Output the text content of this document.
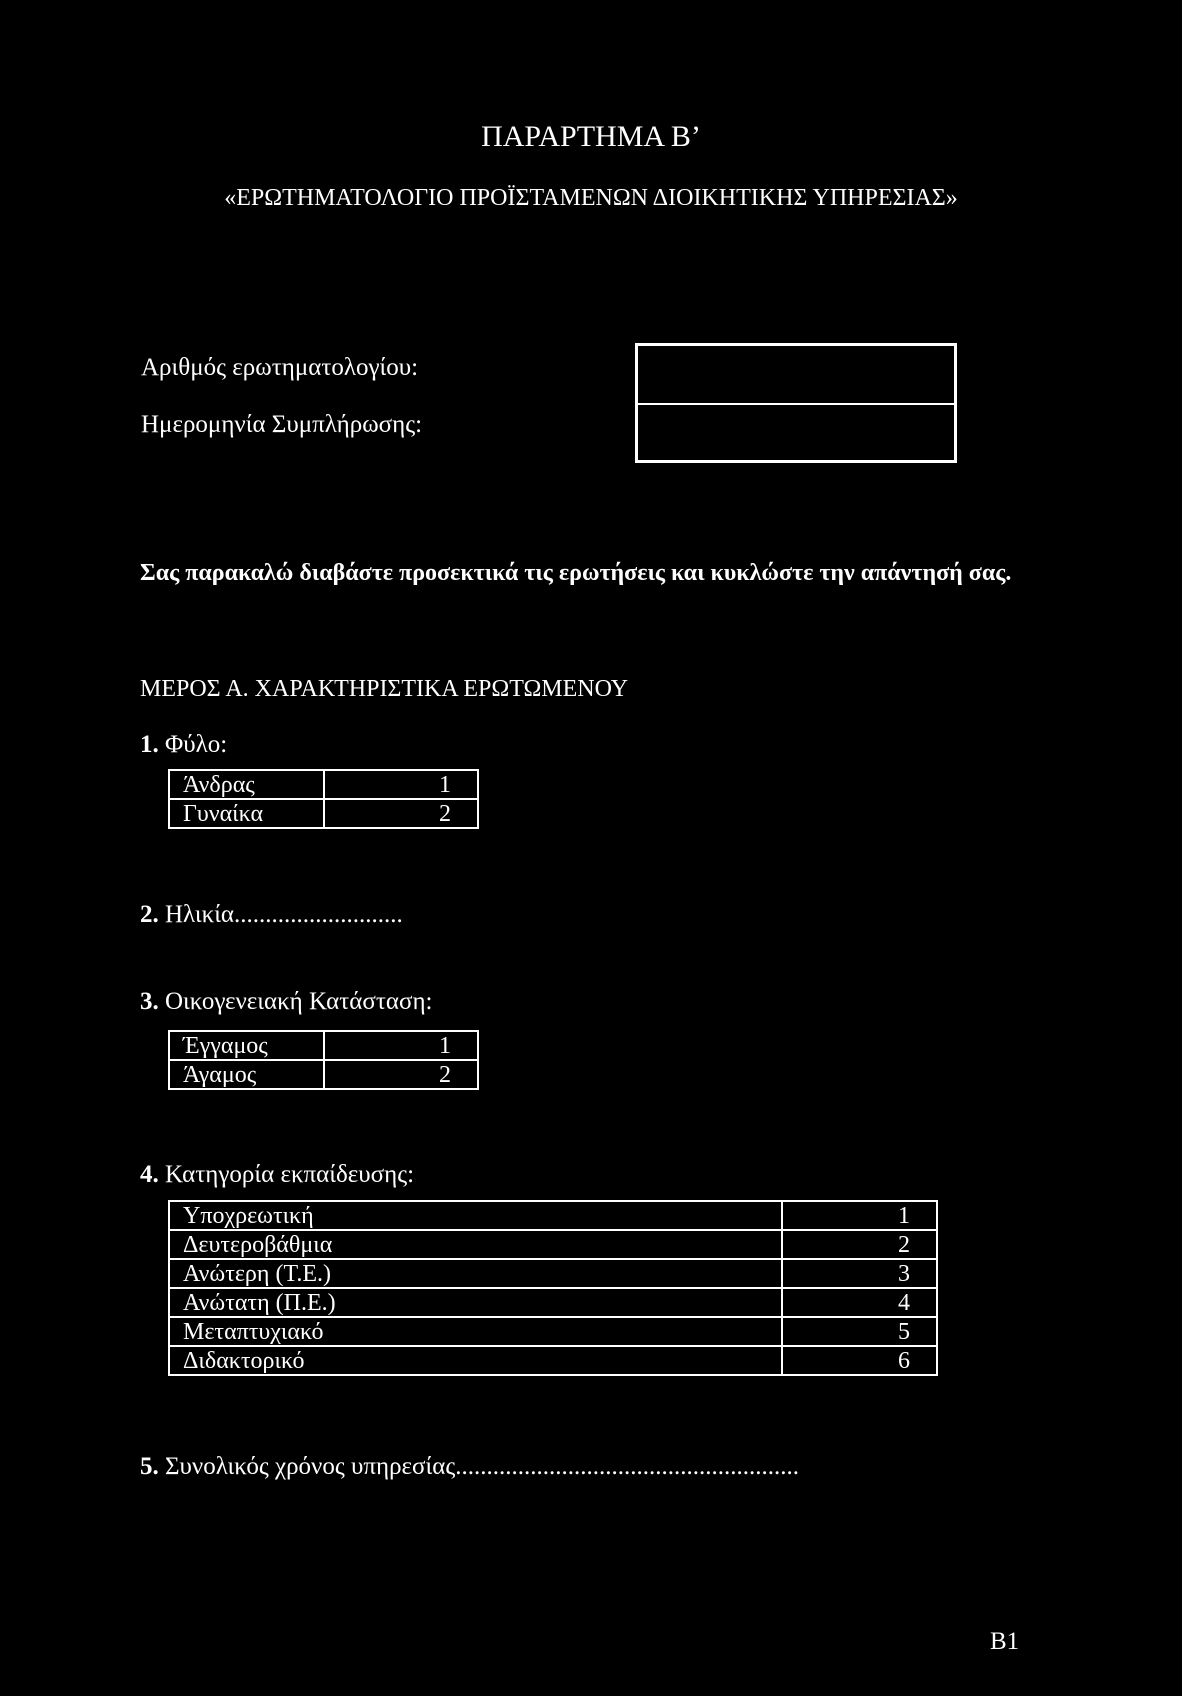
ΠΑΡΑΡΤΗΜΑ Β’
«ΕΡΩΤΗΜΑΤΟΛΟΓΙΟ ΠΡΟΪΣΤΑΜΕΝΩΝ ΔΙΟΙΚΗΤΙΚΗΣ ΥΠΗΡΕΣΙΑΣ»
Αριθμός ερωτηματολογίου:
Ημερομηνία Συμπλήρωσης:
Σας παρακαλώ διαβάστε προσεκτικά τις ερωτήσεις και κυκλώστε την απάντησή σας.
ΜΕΡΟΣ Α. ΧΑΡΑΚΤΗΡΙΣΤΙΚΑ ΕΡΩΤΩΜΕΝΟΥ
1. Φύλο:
Άνδρας	1
Γυναίκα	2
2. Ηλικία...........................
3. Οικογενειακή Κατάσταση:
Έγγαμος	1
Άγαμος	2
4. Κατηγορία εκπαίδευσης:
Υποχρεωτική	1
Δευτεροβάθμια	2
Ανώτερη (Τ.Ε.)	3
Ανώτατη (Π.Ε.)	4
Μεταπτυχιακό	5
Διδακτορικό	6
5. Συνολικός χρόνος υπηρεσίας.......................................................
Β1
